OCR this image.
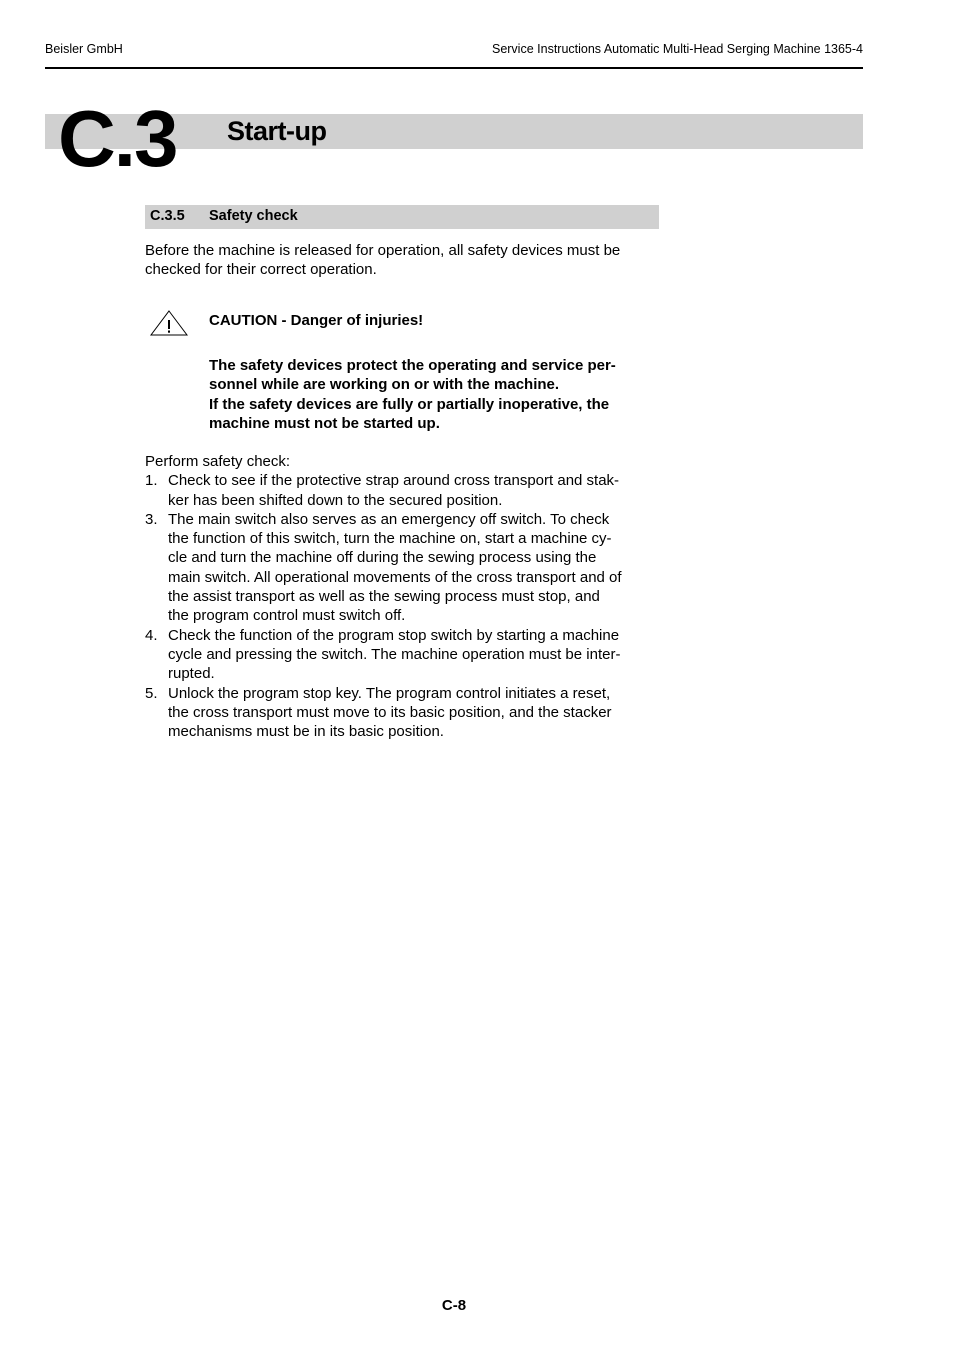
Beisler GmbH	Service Instructions Automatic Multi-Head Serging Machine 1365-4
C.3 Start-up
C.3.5 Safety check
Before the machine is released for operation, all safety devices must be
checked for their correct operation.
CAUTION - Danger of injuries!
The safety devices protect the operating and service per-
sonnel while are working on or with the machine.
If the safety devices are fully or partially inoperative, the
machine must not be started up.
Perform safety check:
1. Check to see if the protective strap around cross transport and stak-
ker has been shifted down to the secured position.
3. The main switch also serves as an emergency off switch. To check
the function of this switch, turn the machine on, start a machine cy-
cle and turn the machine off during the sewing process using the
main switch. All operational movements of the cross transport and of
the assist transport as well as the sewing process must stop, and
the program control must switch off.
4. Check the function of the program stop switch by starting a machine
cycle and pressing the switch. The machine operation must be inter-
rupted.
5. Unlock the program stop key. The program control initiates a reset,
the cross transport must move to its basic position, and the stacker
mechanisms must be in its basic position.
C-8
